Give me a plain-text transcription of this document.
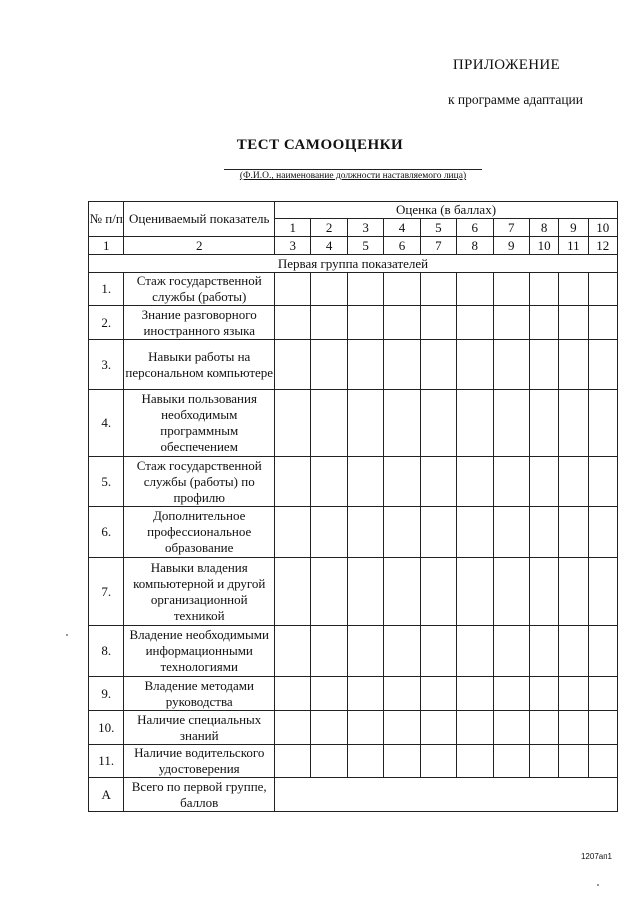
ПРИЛОЖЕНИЕ
к программе адаптации
ТЕСТ САМООЦЕНКИ
(Ф.И.О., наименование должности наставляемого лица)
№ п/п	Оцениваемый показатель	Оценка (в баллах)									
		1	2	3	4	5	6	7	8	9	10
1	2	3	4	5	6	7	8	9	10	11	12
Первая группа показателей											
1.	Стаж государственной службы (работы)										
2.	Знание разговорного иностранного языка										
3.	Навыки работы на персональном компьютере										
4.	Навыки пользования необходимым программным обеспечением										
5.	Стаж государственной службы (работы) по профилю										
6.	Дополнительное профессиональное образование										
7.	Навыки владения компьютерной и другой организационной техникой										
8.	Владение необходимыми информационными технологиями										
9.	Владение методами руководства										
10.	Наличие специальных знаний										
11.	Наличие водительского удостоверения										
А	Всего по первой группе, баллов										
1207ап1
